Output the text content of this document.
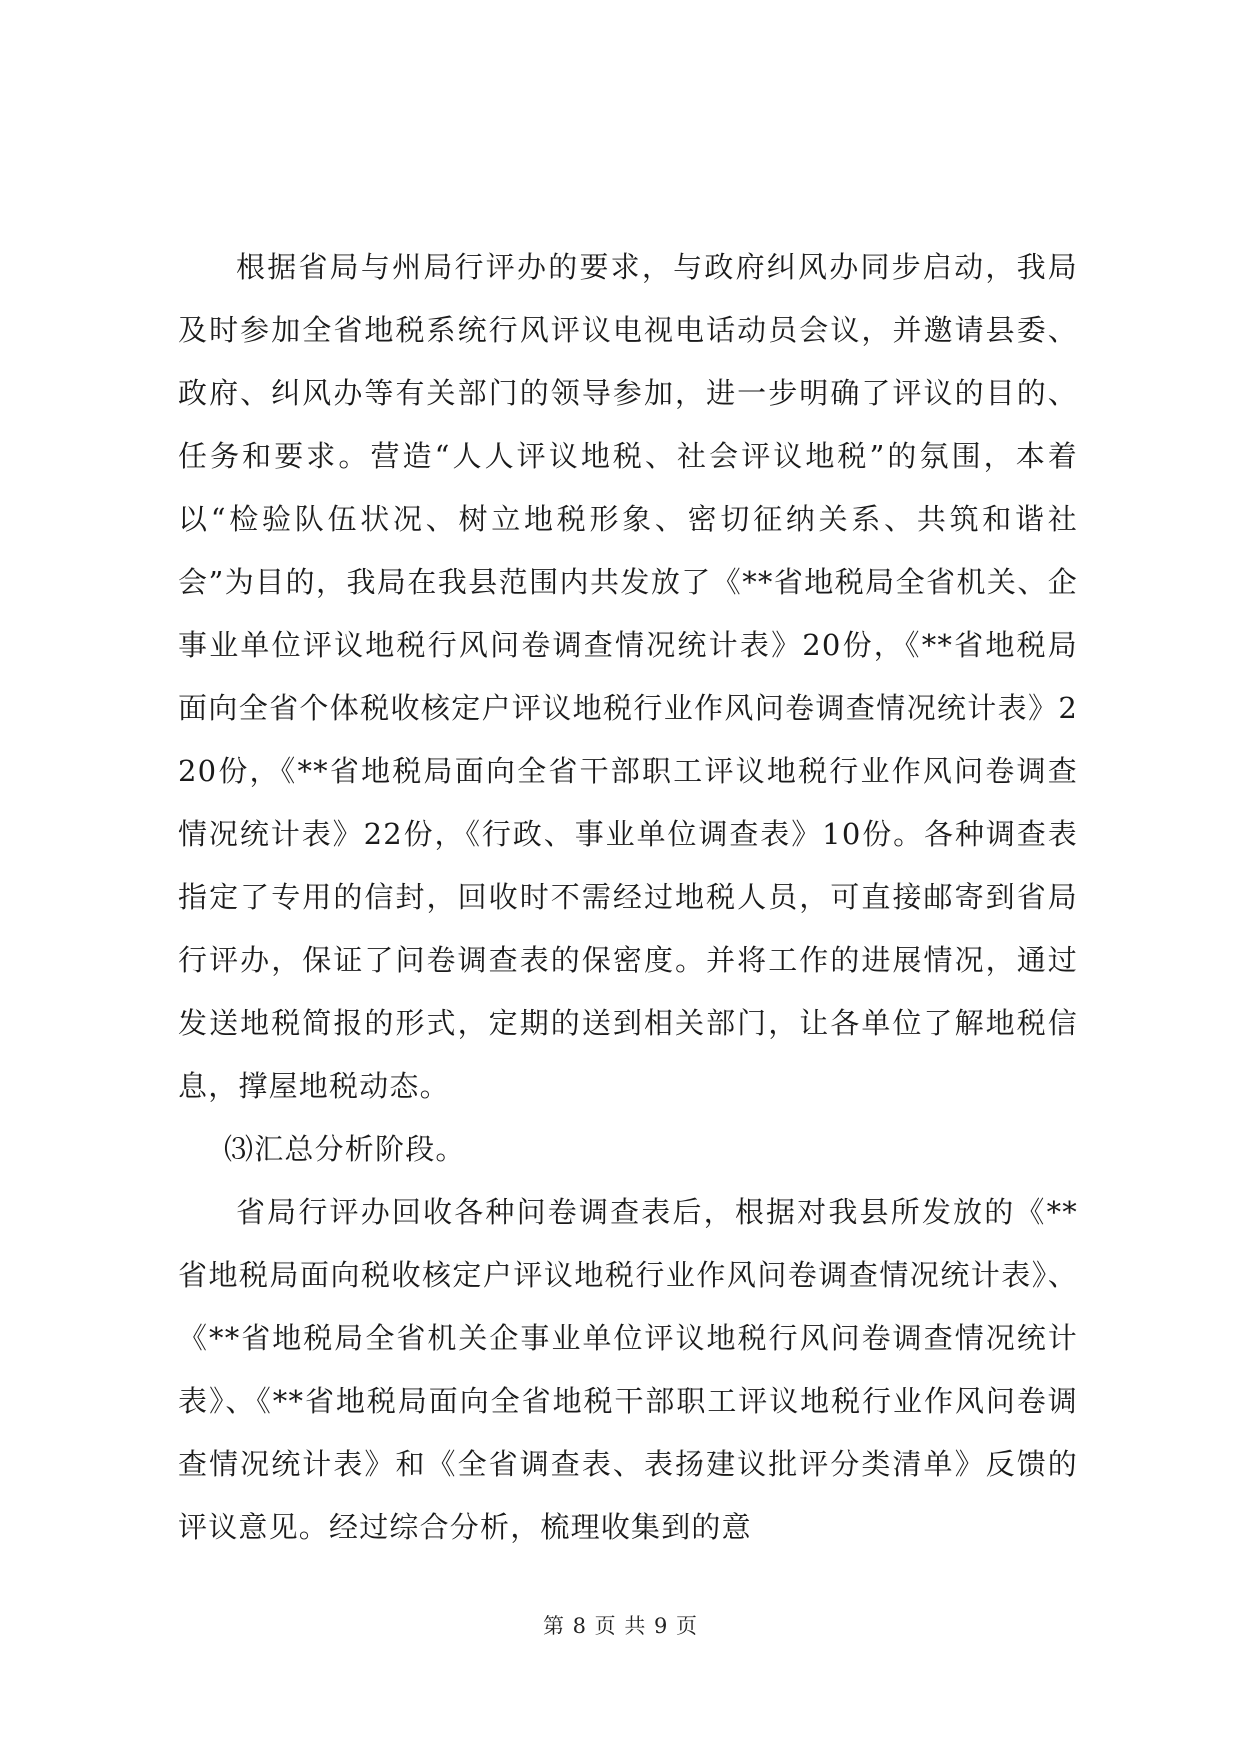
根据省局与州局行评办的要求，与政府纠风办同步启动，我局及时参加全省地税系统行风评议电视电话动员会议，并邀请县委、政府、纠风办等有关部门的领导参加，进一步明确了评议的目的、任务和要求。营造“人人评议地税、社会评议地税”的氛围，本着以“检验队伍状况、树立地税形象、密切征纳关系、共筑和谐社会”为目的，我局在我县范围内共发放了《**省地税局全省机关、企事业单位评议地税行风问卷调查情况统计表》20份，《**省地税局面向全省个体税收核定户评议地税行业作风问卷调查情况统计表》220份，《**省地税局面向全省干部职工评议地税行业作风问卷调查情况统计表》22份，《行政、事业单位调查表》10份。各种调查表指定了专用的信封，回收时不需经过地税人员，可直接邮寄到省局行评办，保证了问卷调查表的保密度。并将工作的进展情况，通过发送地税简报的形式，定期的送到相关部门，让各单位了解地税信息，撑屋地税动态。

⑶汇总分析阶段。

省局行评办回收各种问卷调查表后，根据对我县所发放的《**省地税局面向税收核定户评议地税行业作风问卷调查情况统计表》、《**省地税局全省机关企事业单位评议地税行风问卷调查情况统计表》、《**省地税局面向全省地税干部职工评议地税行业作风问卷调查情况统计表》和《全省调查表、表扬建议批评分类清单》反馈的评议意见。经过综合分析，梳理收集到的意

第 8 页 共 9 页
